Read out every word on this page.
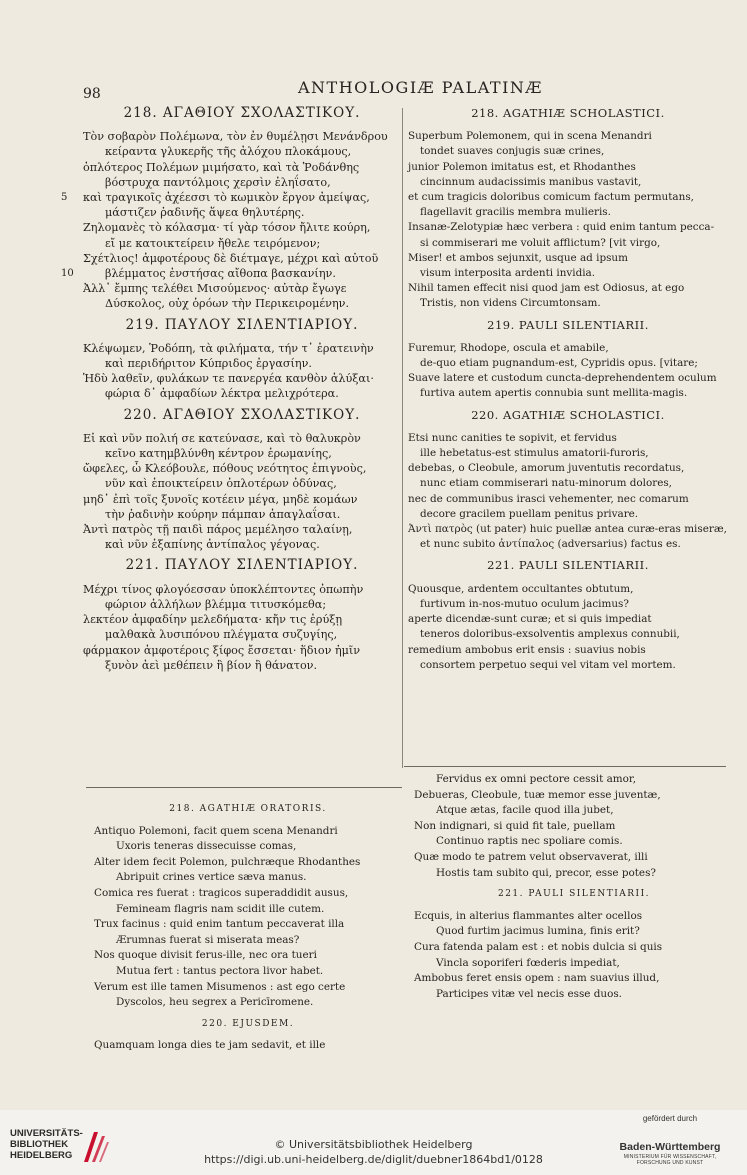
98	ANTHOLOGIÆ PALATINÆ
218. ΑΓΑΘΙΟΥ ΣΧΟΛΑΣΤΙΚΟΥ.
Τὸν σοβαρὸν Πολέμωνα, τὸν ἐν θυμέλῃσι Μενάνδρου
κείραντα γλυκερῆς τῆς ἀλόχου πλοκάμους,
ὁπλότερος Πολέμων μιμήσατο, καὶ τὰ Ῥοδάνθης
βόστρυχα παντόλμοις χερσὶν ἐληΐσατο,
5 καὶ τραγικοῖς ἀχέεσσι τὸ κωμικὸν ἔργον ἀμείψας,
μάστιζεν ῥαδινῆς ἅψεα θηλυτέρης.
Ζηλομανὲς τὸ κόλασμα· τί γὰρ τόσον ἤλιτε κούρη,
εἴ με κατοικτείρειν ἤθελε τειρόμενον;
Σχέτλιος! ἀμφοτέρους δὲ διέτμαγε, μέχρι καὶ αὐτοῦ
10	βλέμματος ἐνστήσας αἴθοπα βασκανίην.
Ἀλλ᾽ ἔμπης τελέθει Μισούμενος· αὐτὰρ ἔγωγε
Δύσκολος, οὐχ ὁρόων τὴν Περικειρομένην.
219. ΠΑΥΛΟΥ ΣΙΛΕΝΤΙΑΡΙΟΥ.
Κλέψωμεν, Ῥοδόπη, τὰ φιλήματα, τήν τ᾽ ἐρατεινὴν
καὶ περιδήριτον Κύπριδος ἐργασίην.
Ἡδὺ λαθεῖν, φυλάκων τε πανεργέα κανθὸν ἀλύξαι·
φώρια δ᾽ ἀμφαδίων λέκτρα μελιχρότερα.
220. ΑΓΑΘΙΟΥ ΣΧΟΛΑΣΤΙΚΟΥ.
Εἰ καὶ νῦν πολιή σε κατεύνασε, καὶ τὸ θαλυκρὸν
κεῖνο κατημβλύνθη κέντρον ἐρωμανίης,
ὤφελες, ὦ Κλεόβουλε, πόθους νεότητος ἐπιγνοὺς,
νῦν καὶ ἐποικτείρειν ὁπλοτέρων ὀδύνας,
μηδ᾽ ἐπὶ τοῖς ξυνοῖς κοτέειν μέγα, μηδὲ κομάων
τὴν ῥαδινὴν κούρην πάμπαν ἀπαγλαΐσαι.
Ἀντὶ πατρὸς τῇ παιδὶ πάρος μεμέλησο ταλαίνῃ,
καὶ νῦν ἐξαπίνης ἀντίπαλος γέγονας.
221. ΠΑΥΛΟΥ ΣΙΛΕΝΤΙΑΡΙΟΥ.
Μέχρι τίνος φλογόεσσαν ὑποκλέπτοντες ὀπωπὴν
φώριον ἀλλήλων βλέμμα τιτυσκόμεθα;
λεκτέον ἀμφαδίην μελεδήματα· κἤν τις ἐρύξῃ
μαλθακὰ λυσιπόνου πλέγματα συζυγίης,
φάρμακον ἀμφοτέροις ξίφος ἔσσεται· ἥδιον ἡμῖν
ξυνὸν ἀεὶ μεθέπειν ἢ βίον ἢ θάνατον.
218. AGATHIÆ SCHOLASTICI.
Superbum Polemonem, qui in scena Menandri
tondet suaves conjugis suæ crines,
junior Polemon imitatus est, et Rhodanthes
cincinnum audacissimis manibus vastavit,
et cum tragicis doloribus comicum factum permutans,
flagellavit gracilis membra mulieris.
Insanæ-Zelotypiæ hæc verbera : quid enim tantum pecca-
si commiserari me voluit afflictum? [vit virgo,
Miser! et ambos sejunxit, usque ad ipsum
visum interposita ardenti invidia.
Nihil tamen effecit nisi quod jam est Odiosus, at ego
Tristis, non videns Circumtonsam.
219. PAULI SILENTIARII.
Furemur, Rhodope, oscula et amabile,
de-quo etiam pugnandum-est, Cypridis opus. [vitare;
Suave latere et custodum cuncta-deprehendentem oculum
furtiva autem apertis connubia sunt mellita-magis.
220. AGATHIÆ SCHOLASTICI.
Etsi nunc canities te sopivit, et fervidus
ille hebetatus-est stimulus amatorii-furoris,
debebas, o Cleobule, amorum juventutis recordatus,
nunc etiam commiserari natu-minorum dolores,
nec de communibus irasci vehementer, nec comarum
decore gracilem puellam penitus privare.
Ἀντὶ πατρὸς (ut pater) huic puellæ antea curæ-eras miseræ,
et nunc subito ἀντίπαλος (adversarius) factus es.
221. PAULI SILENTIARII.
Quousque, ardentem occultantes obtutum,
furtivum in-nos-mutuo oculum jacimus?
aperte dicendæ-sunt curæ; et si quis impediat
teneros doloribus-exsolventis amplexus connubii,
remedium ambobus erit ensis : suavius nobis
consortem perpetuo sequi vel vitam vel mortem.
218. AGATHIÆ ORATORIS.
Antiquo Polemoni, facit quem scena Menandri
Uxoris teneras dissecuisse comas,
Alter idem fecit Polemon, pulchræque Rhodanthes
Abripuit crines vertice sæva manus.
Comica res fuerat : tragicos superaddidit ausus,
Femineam flagris nam scidit ille cutem.
Trux facinus : quid enim tantum peccaverat illa
Ærumnas fuerat si miserata meas?
Nos quoque divisit ferus-ille, nec ora tueri
Mutua fert : tantus pectora livor habet.
Verum est ille tamen Misumenos : ast ego certe
Dyscolos, heu segrex a Pericīromene.
220. EJUSDEM.
Quamquam longa dies te jam sedavit, et ille
Fervidus ex omni pectore cessit amor,
Debueras, Cleobule, tuæ memor esse juventæ,
Atque ætas, facile quod illa jubet,
Non indignari, si quid fit tale, puellam
Continuo raptis nec spoliare comis.
Quæ modo te patrem velut observaverat, illi
Hostis tam subito qui, precor, esse potes?
221. PAULI SILENTIARII.
Ecquis, in alterius flammantes alter ocellos
Quod furtim jacimus lumina, finis erit?
Cura fatenda palam est : et nobis dulcia si quis
Vincla soporiferi fœderis impediat,
Ambobus feret ensis opem : nam suavius illud,
Participes vitæ vel necis esse duos.
UNIVERSITÄTS-
BIBLIOTHEK
HEIDELBERG
© Universitätsbibliothek Heidelberg
https://digi.ub.uni-heidelberg.de/diglit/duebner1864bd1/0128
gefördert durch
Baden-Württemberg
MINISTERIUM FÜR WISSENSCHAFT, FORSCHUNG UND KUNST
